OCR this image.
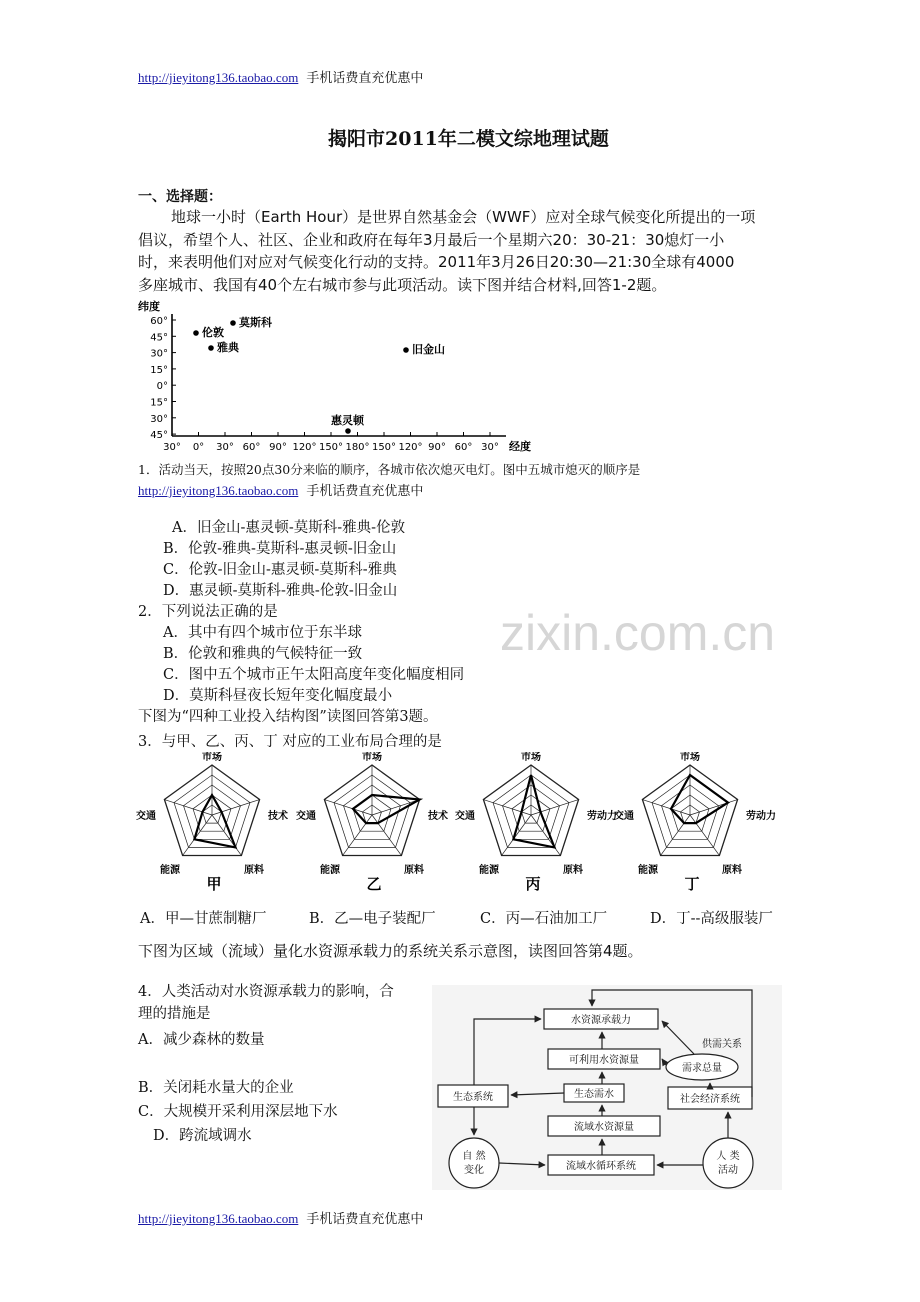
http://jieyitong136.taobao.com 手机话费直充优惠中
揭阳市2011年二模文综地理试题
一、选择题：
地球一小时（Earth Hour）是世界自然基金会（WWF）应对全球气候变化所提出的一项
倡议，希望个人、社区、企业和政府在每年3月最后一个星期六20：30-21：30熄灯一小
时，来表明他们对应对气候变化行动的支持。2011年3月26日20:30—21:30全球有4000
多座城市、我国有40个左右城市参与此项活动。读下图并结合材料,回答1-2题。
纬度
60°
45°
30°
15°
0°
15°
30°
45°
30° 0° 30° 60° 90° 120° 150° 180° 150° 120° 90° 60° 30° 经度
莫斯科
伦敦
雅典	旧金山
惠灵顿
1．活动当天，按照20点30分来临的顺序，各城市依次熄灭电灯。图中五城市熄灭的顺序是
http://jieyitong136.taobao.com 手机话费直充优惠中
A．旧金山-惠灵顿-莫斯科-雅典-伦敦
B．伦敦-雅典-莫斯科-惠灵顿-旧金山
C．伦敦-旧金山-惠灵顿-莫斯科-雅典
D．惠灵顿-莫斯科-雅典-伦敦-旧金山
2．下列说法正确的是
A．其中有四个城市位于东半球
B．伦敦和雅典的气候特征一致
C．图中五个城市正午太阳高度年变化幅度相同
D．莫斯科昼夜长短年变化幅度最小
zixin.com.cn
下图为“四种工业投入结构图”读图回答第3题。
3．与甲、乙、丙、丁 对应的工业布局合理的是
市场
技术
原料
能源
交通
甲
市场
技术
原料
能源
交通
乙
市场
劳动力
原料
能源
交通
丙
市场
劳动力
原料
能源
交通
丁
A．甲—甘蔗制糖厂	B．乙—电子装配厂	C．丙—石油加工厂	D．丁--高级服装厂
下图为区域（流域）量化水资源承载力的系统关系示意图，读图回答第4题。
4．人类活动对水资源承载力的影响，合
理的措施是
A．减少森林的数量
B．关闭耗水量大的企业
C．大规模开采利用深层地下水
D．跨流域调水
水资源承载力
可利用水资源量
生态需水
流域水资源量
生态系统	社会经济系统
流域水循环系统
自 然
变化
人 类
活动
供需关系
需求总量
http://jieyitong136.taobao.com 手机话费直充优惠中
